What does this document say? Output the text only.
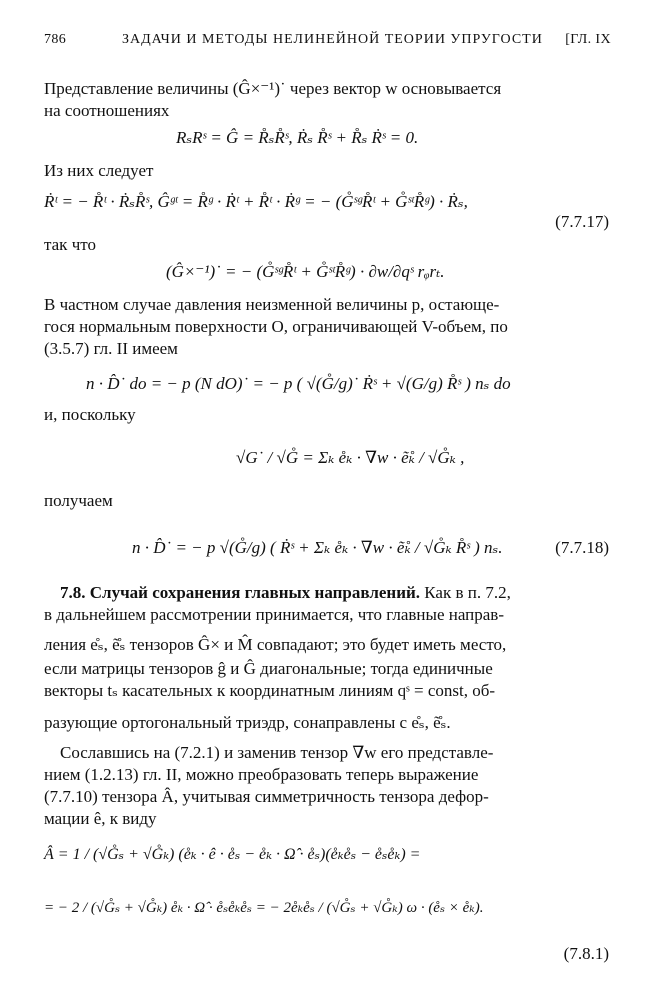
786	ЗАДАЧИ И МЕТОДЫ НЕЛИНЕЙНОЙ ТЕОРИИ УПРУГОСТИ [ГЛ. IX
Представление величины (Ĝ×⁻¹)˙ через вектор w основывается
на соотношениях
RₛRˢ = Ĝ = R̊ₛR̊ˢ, Ṙₛ R̊ˢ + R̊ₛ Ṙˢ = 0.
Из них следует
Ṙᵗ = − R̊ᵗ · ṘₛR̊ˢ, Ĝᵍᵗ = R̊ᵍ · Ṙᵗ + R̊ᵗ · Ṙᵍ = − (G̊ˢᵍR̊ᵗ + G̊ˢᵗR̊ᵍ) · Ṙₛ,
(7.7.17)
так что
(Ĝ×⁻¹)˙ = − (G̊ˢᵍR̊ᵗ + G̊ˢᵗR̊ᵍ) · ∂w/∂qˢ rᵩrₜ.
В частном случае давления неизменной величины p, остающе-
гося нормальным поверхности O, ограничивающей V-объем, по
(3.5.7) гл. II имеем
n · D̂˙ do = − p (N dO)˙ = − p ( √(G̊/g)˙ Ṙˢ + √(G/g) R̊ˢ ) nₛ do
и, поскольку
√G˙ / √G̊ = Σₖ e̊ₖ · ∇w · ẽ̊ₖ / √G̊ₖ ,
получаем
n · D̂˙ = − p √(G̊/g) ( Ṙˢ + Σₖ e̊ₖ · ∇w · ẽ̊ₖ / √G̊ₖ R̊ˢ ) nₛ.	(7.7.18)
7.8. Случай сохранения главных направлений. Как в п. 7.2,
в дальнейшем рассмотрении принимается, что главные направ-
ления e̊ₛ, ẽ̊ₛ тензоров Ĝ× и M̂ совпадают; это будет иметь место,
если матрицы тензоров ĝ и Ĝ диагональные; тогда единичные
векторы tₛ касательных к координатным линиям qˢ = const, об-
разующие ортогональный триэдр, сонаправлены с e̊ₛ, ẽ̊ₛ.
Сославшись на (7.2.1) и заменив тензор ∇w его представле-
нием (1.2.13) гл. II, можно преобразовать теперь выражение
(7.7.10) тензора Â, учитывая симметричность тензора дефор-
мации ê, к виду
Â = 1 / (√G̊ₛ + √G̊ₖ) (e̊ₖ · ê · e̊ₛ − e̊ₖ · Ω̂ · e̊ₛ)(e̊ₖe̊ₛ − e̊ₛe̊ₖ) =
= − 2 / (√G̊ₛ + √G̊ₖ) e̊ₖ · Ω̂ · e̊ₛe̊ₖe̊ₛ = − 2e̊ₖe̊ₛ / (√G̊ₛ + √G̊ₖ) ω · (e̊ₛ × e̊ₖ).
(7.8.1)
